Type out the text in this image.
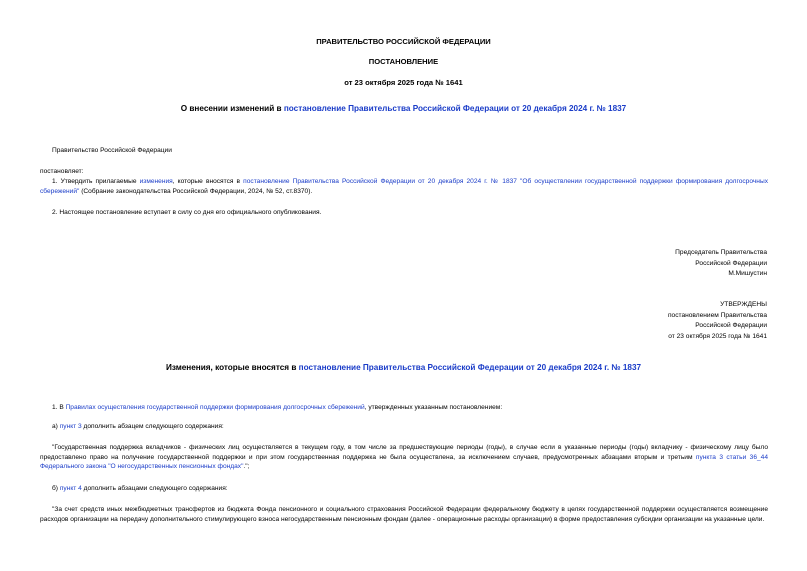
ПРАВИТЕЛЬСТВО РОССИЙСКОЙ ФЕДЕРАЦИИ
ПОСТАНОВЛЕНИЕ
от 23 октября 2025 года № 1641
О внесении изменений в постановление Правительства Российской Федерации от 20 декабря 2024 г. № 1837
Правительство Российской Федерации
постановляет:
1. Утвердить прилагаемые изменения, которые вносятся в постановление Правительства Российской Федерации от 20 декабря 2024 г. № 1837 "Об осуществлении государственной поддержки формирования долгосрочных сбережений" (Собрание законодательства Российской Федерации, 2024, № 52, ст.8370).
2. Настоящее постановление вступает в силу со дня его официального опубликования.
Председатель Правительства
Российской Федерации
М.Мишустин
УТВЕРЖДЕНЫ
постановлением Правительства
Российской Федерации
от 23 октября 2025 года № 1641
Изменения, которые вносятся в постановление Правительства Российской Федерации от 20 декабря 2024 г. № 1837
1. В Правилах осуществления государственной поддержки формирования долгосрочных сбережений, утвержденных указанным постановлением:
а) пункт 3 дополнить абзацем следующего содержания:
"Государственная поддержка вкладчиков - физических лиц осуществляется в текущем году, в том числе за предшествующие периоды (годы), в случае если в указанные периоды (годы) вкладчику - физическому лицу было предоставлено право на получение государственной поддержки и при этом государственная поддержка не была осуществлена, за исключением случаев, предусмотренных абзацами вторым и третьим пункта 3 статьи 36_44 Федерального закона "О негосударственных пенсионных фондах".";
б) пункт 4 дополнить абзацами следующего содержания:
"За счет средств иных межбюджетных трансфертов из бюджета Фонда пенсионного и социального страхования Российской Федерации федеральному бюджету в целях государственной поддержки осуществляется возмещение расходов организации на передачу дополнительного стимулирующего взноса негосударственным пенсионным фондам (далее - операционные расходы организации) в форме предоставления субсидии организации на указанные цели.
